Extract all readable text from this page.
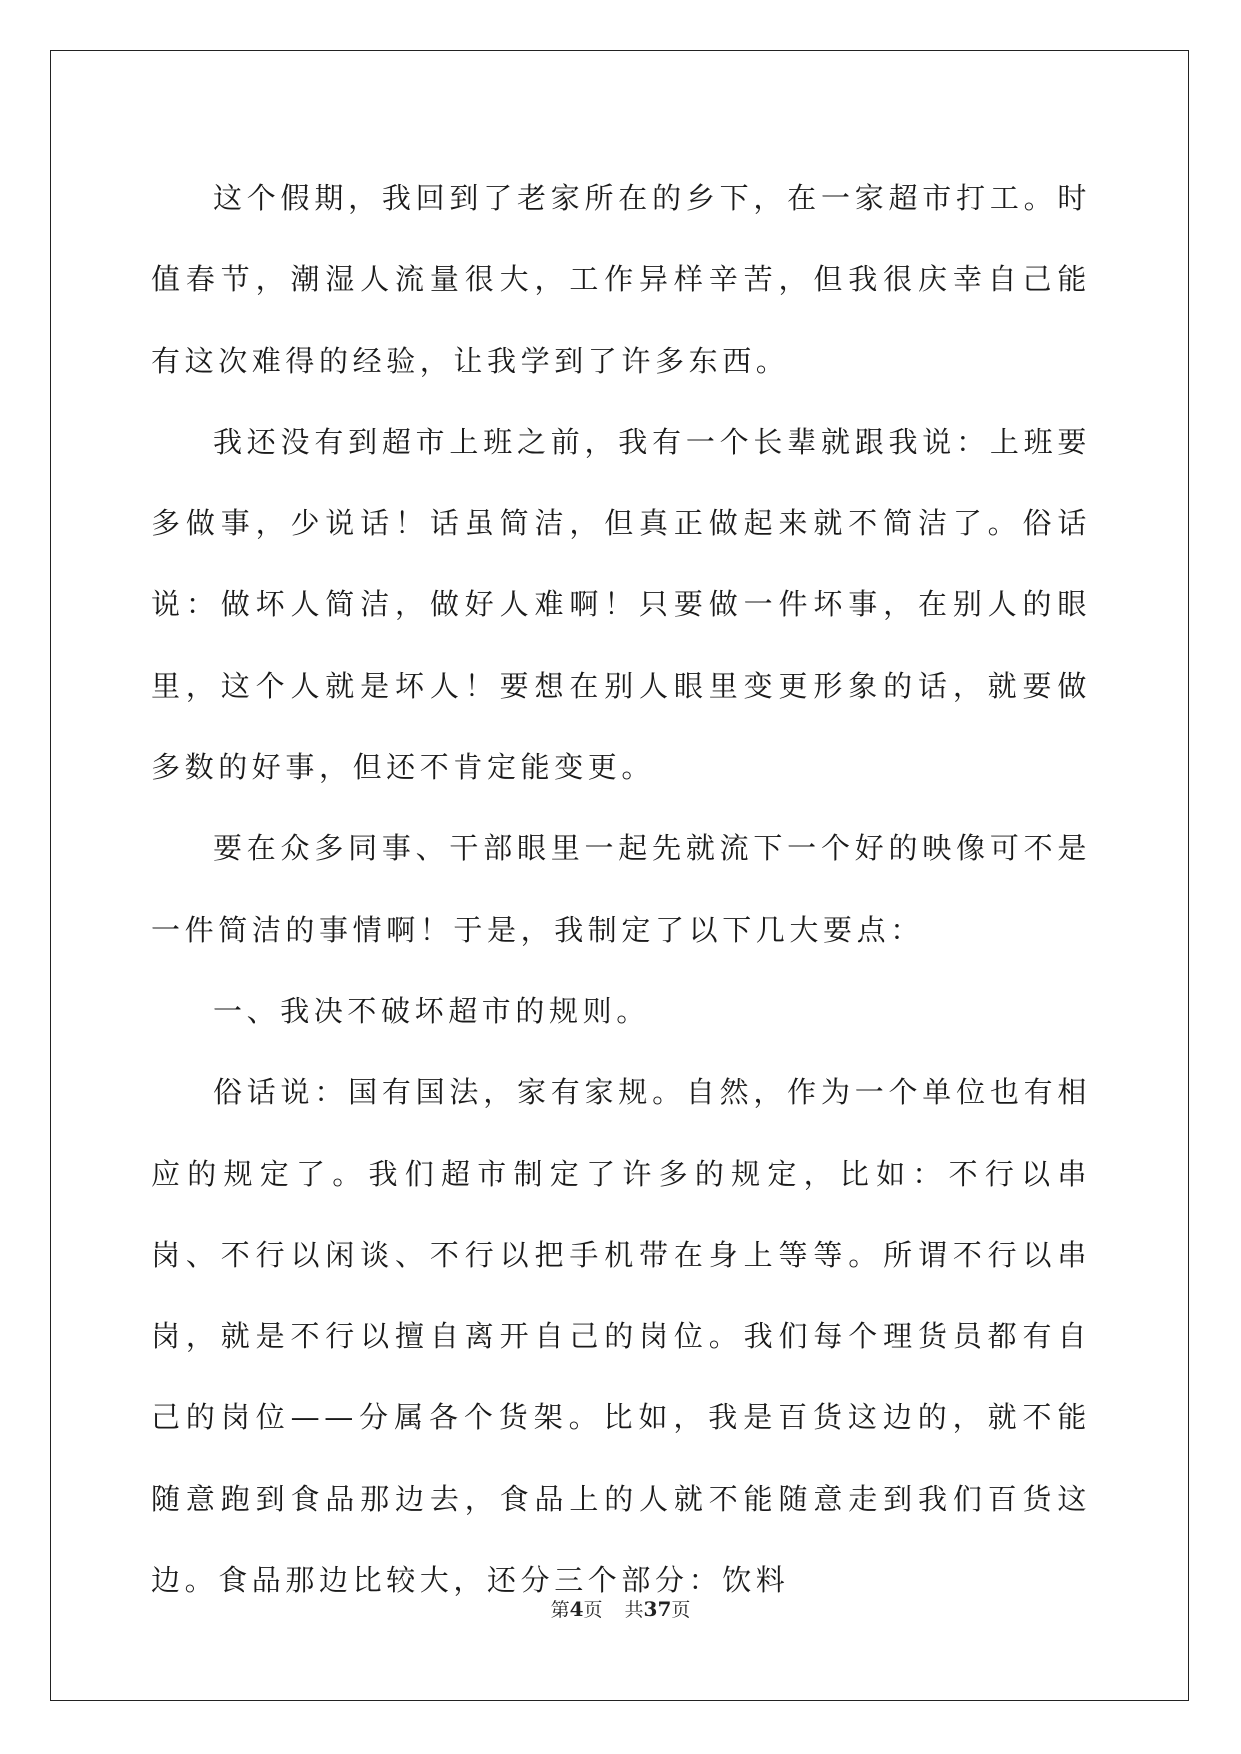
这个假期，我回到了老家所在的乡下，在一家超市打工。时值春节，潮湿人流量很大，工作异样辛苦，但我很庆幸自己能有这次难得的经验，让我学到了许多东西。

我还没有到超市上班之前，我有一个长辈就跟我说：上班要多做事，少说话！话虽简洁，但真正做起来就不简洁了。俗话说：做坏人简洁，做好人难啊！只要做一件坏事，在别人的眼里，这个人就是坏人！要想在别人眼里变更形象的话，就要做多数的好事，但还不肯定能变更。

要在众多同事、干部眼里一起先就流下一个好的映像可不是一件简洁的事情啊！于是，我制定了以下几大要点：

一、我决不破坏超市的规则。

俗话说：国有国法，家有家规。自然，作为一个单位也有相应的规定了。我们超市制定了许多的规定，比如：不行以串岗、不行以闲谈、不行以把手机带在身上等等。所谓不行以串岗，就是不行以擅自离开自己的岗位。我们每个理货员都有自己的岗位——分属各个货架。比如，我是百货这边的，就不能随意跑到食品那边去，食品上的人就不能随意走到我们百货这边。食品那边比较大，还分三个部分：饮料

第4页 共37页
